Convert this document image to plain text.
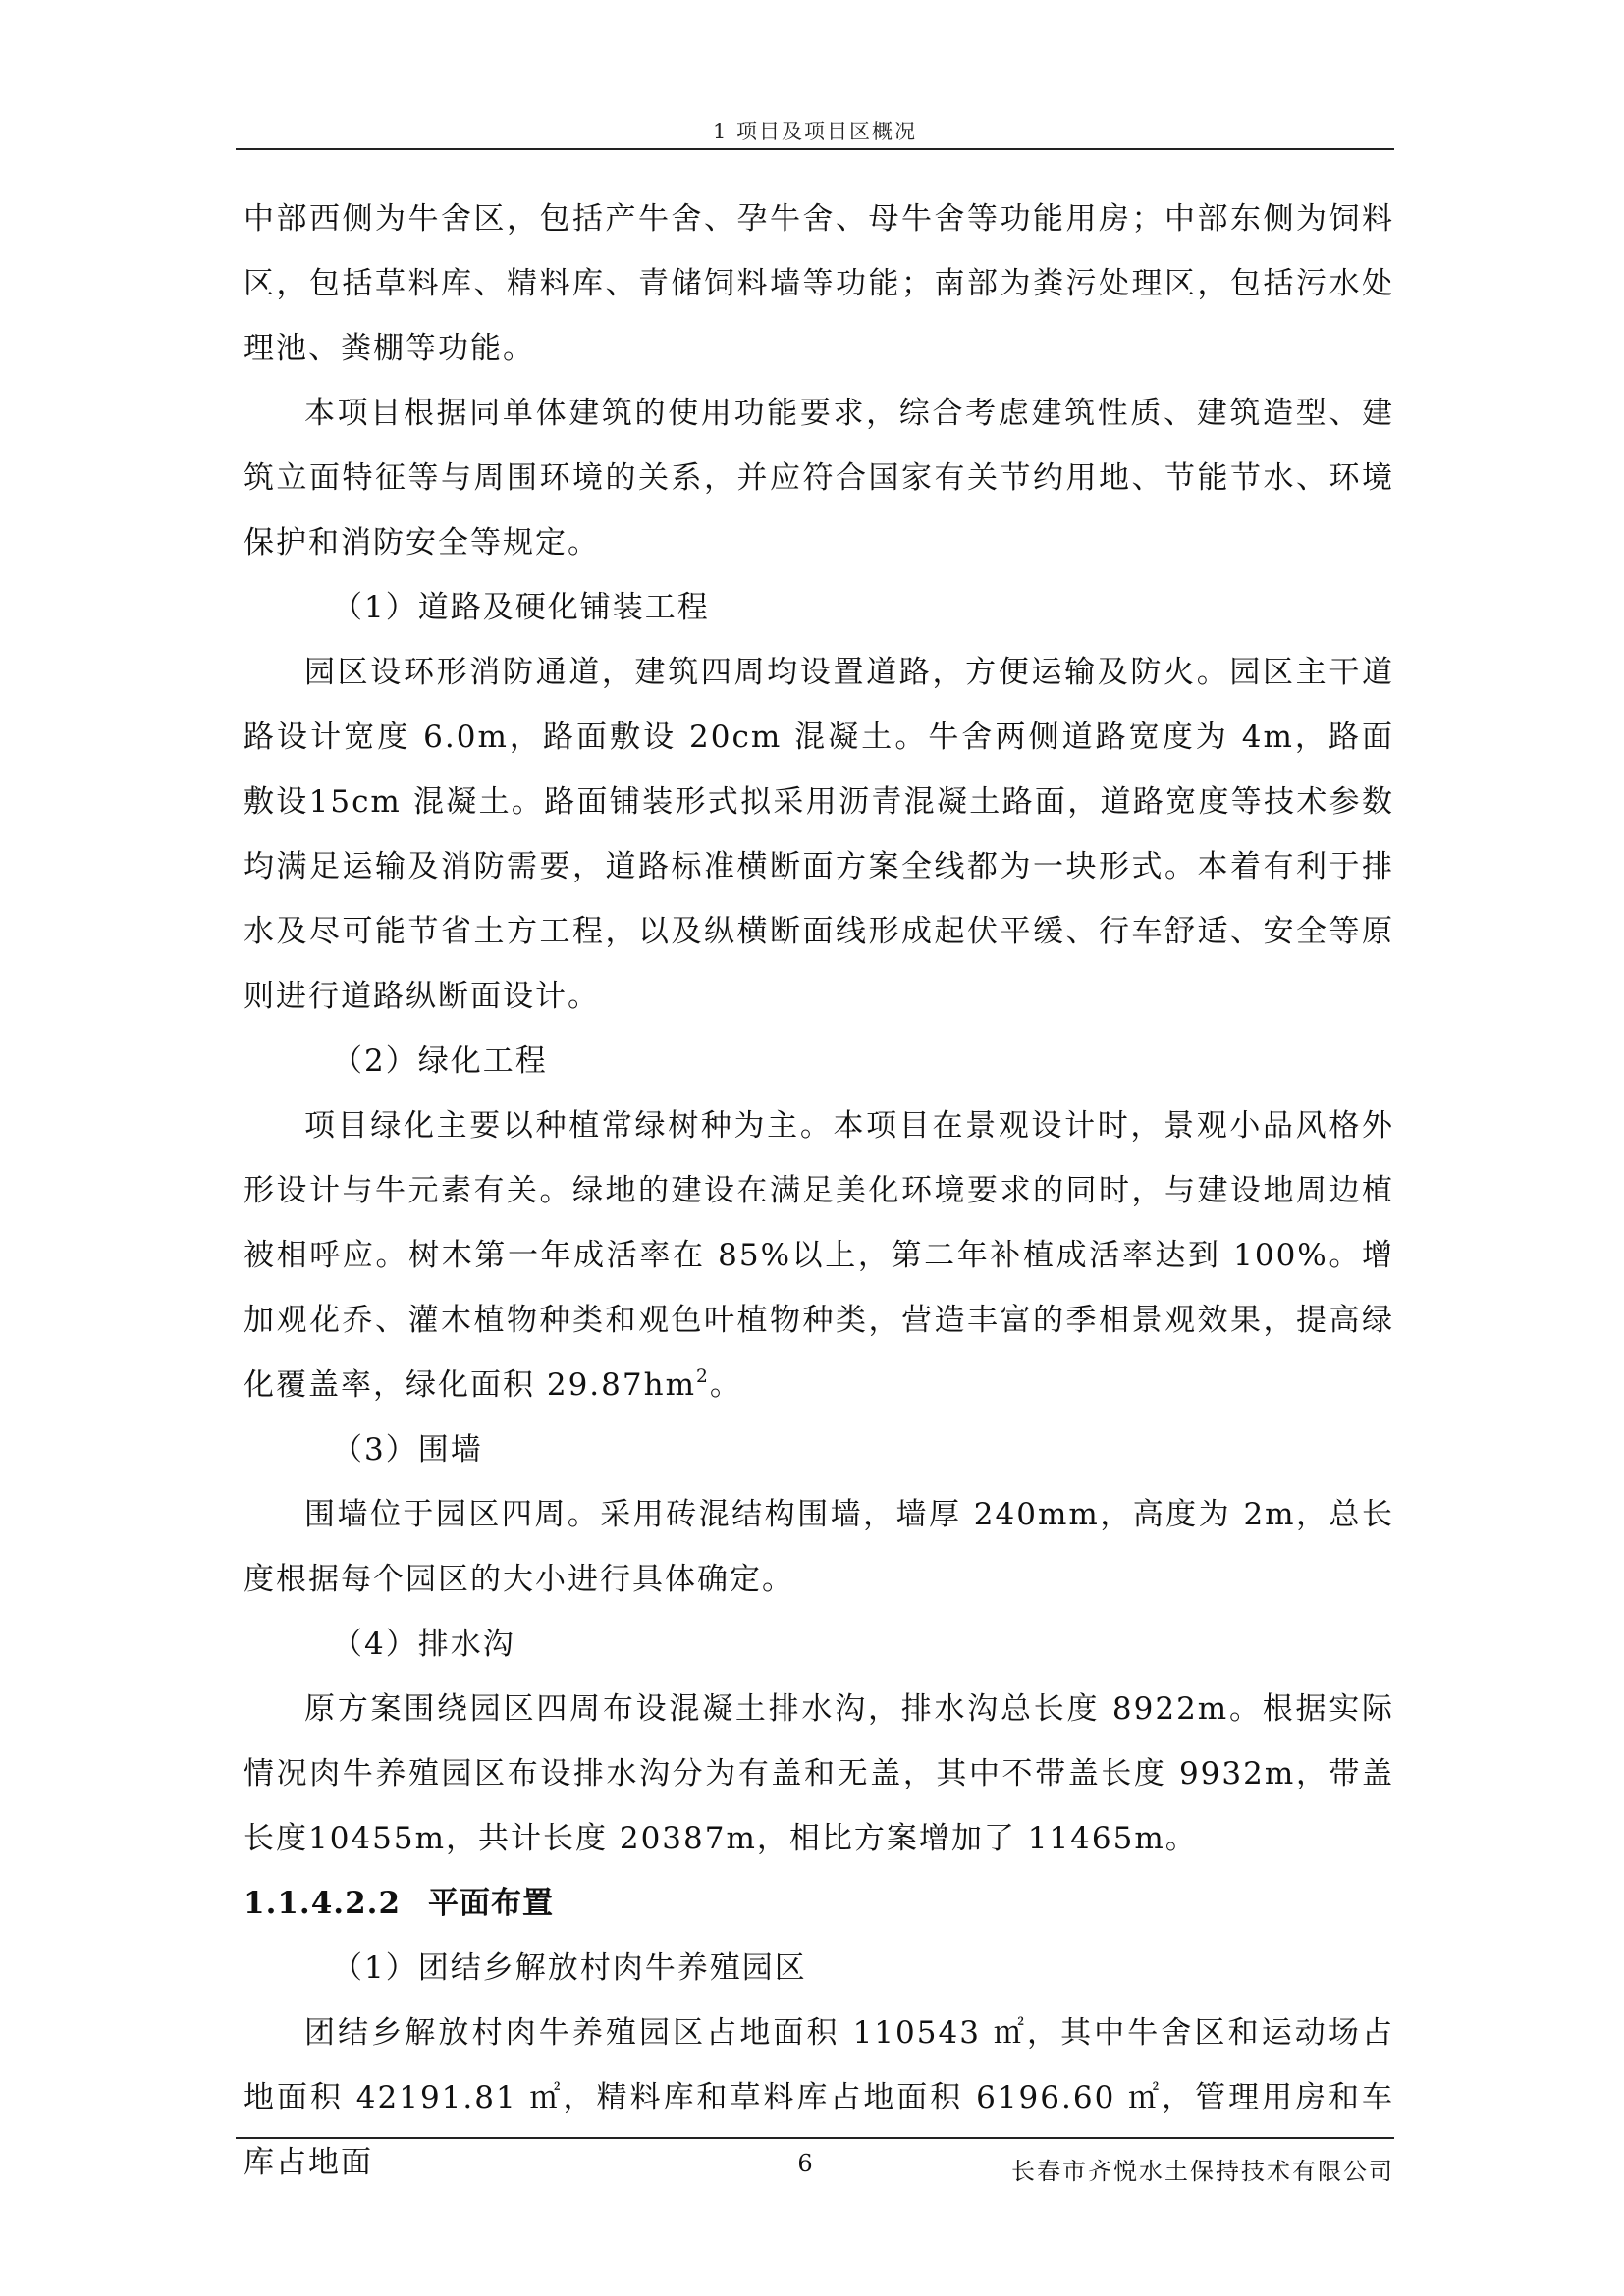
1 项目及项目区概况

中部西侧为牛舍区，包括产牛舍、孕牛舍、母牛舍等功能用房；中部东侧为饲料区，包括草料库、精料库、青储饲料墙等功能；南部为粪污处理区，包括污水处理池、粪棚等功能。

本项目根据同单体建筑的使用功能要求，综合考虑建筑性质、建筑造型、建筑立面特征等与周围环境的关系，并应符合国家有关节约用地、节能节水、环境保护和消防安全等规定。

（1）道路及硬化铺装工程

园区设环形消防通道，建筑四周均设置道路，方便运输及防火。园区主干道路设计宽度 6.0m，路面敷设 20cm 混凝土。牛舍两侧道路宽度为 4m，路面敷设15cm 混凝土。路面铺装形式拟采用沥青混凝土路面，道路宽度等技术参数均满足运输及消防需要，道路标准横断面方案全线都为一块形式。本着有利于排水及尽可能节省土方工程，以及纵横断面线形成起伏平缓、行车舒适、安全等原则进行道路纵断面设计。

（2）绿化工程

项目绿化主要以种植常绿树种为主。本项目在景观设计时，景观小品风格外形设计与牛元素有关。绿地的建设在满足美化环境要求的同时，与建设地周边植被相呼应。树木第一年成活率在 85%以上，第二年补植成活率达到 100%。增加观花乔、灌木植物种类和观色叶植物种类，营造丰富的季相景观效果，提高绿化覆盖率，绿化面积 $29.87hm^2$。

（3）围墙

围墙位于园区四周。采用砖混结构围墙，墙厚 240mm，高度为 2m，总长度根据每个园区的大小进行具体确定。

（4）排水沟

原方案围绕园区四周布设混凝土排水沟，排水沟总长度 8922m。根据实际情况肉牛养殖园区布设排水沟分为有盖和无盖，其中不带盖长度 9932m，带盖长度10455m，共计长度 20387m，相比方案增加了 11465m。

1.1.4.2.2 平面布置

（1）团结乡解放村肉牛养殖园区

团结乡解放村肉牛养殖园区占地面积 110543 ㎡，其中牛舍区和运动场占地面积 42191.81 ㎡，精料库和草料库占地面积 6196.60 ㎡，管理用房和车库占地面	6	长春市齐悦水土保持技术有限公司
